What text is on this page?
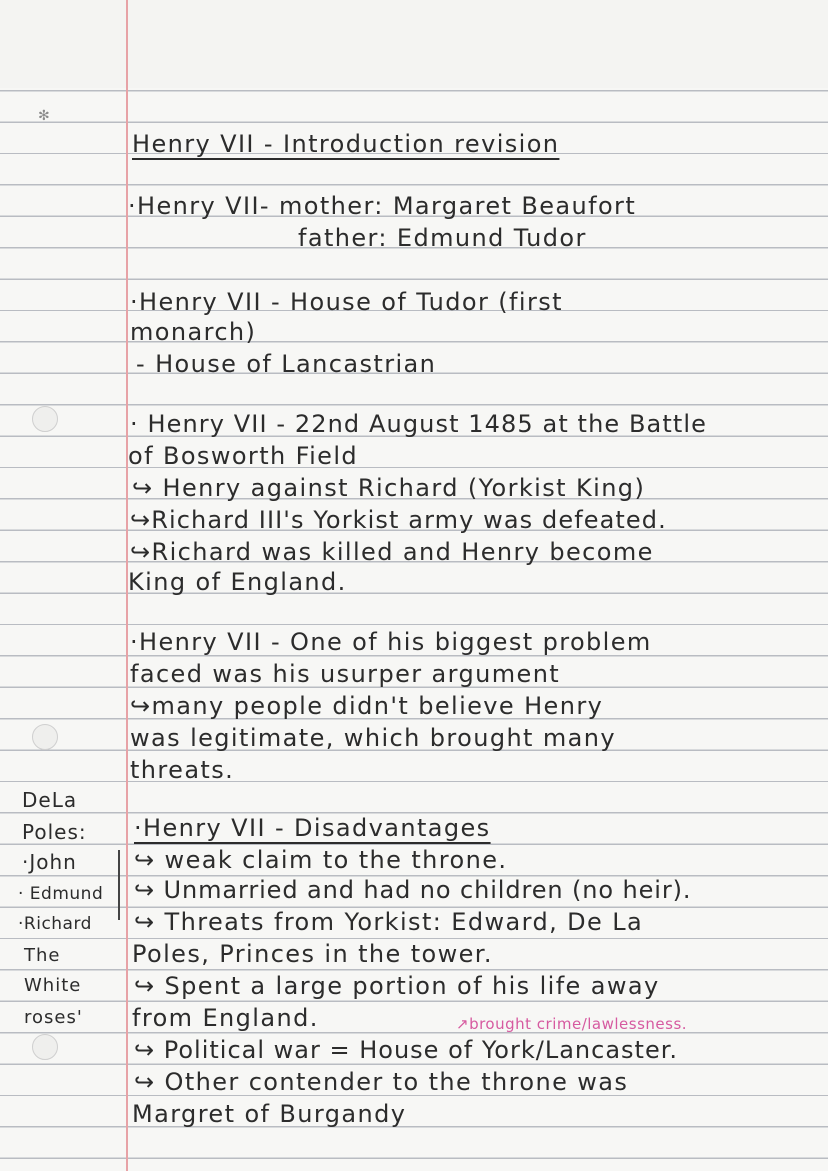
✻
Henry VII - Introduction revision
·Henry VII- mother: Margaret Beaufort
father: Edmund Tudor
·Henry VII - House of Tudor (first
monarch)
- House of Lancastrian
· Henry VII - 22nd August 1485 at the Battle
of Bosworth Field
↪ Henry against Richard (Yorkist King)
↪Richard III's Yorkist army was defeated.
↪Richard was killed and Henry become
King of England.
·Henry VII - One of his biggest problem
faced was his usurper argument
↪many people didn't believe Henry
was legitimate, which brought many
threats.
·Henry VII - Disadvantages
↪ weak claim to the throne.
↪ Unmarried and had no children (no heir).
↪ Threats from Yorkist: Edward, De La
Poles, Princes in the tower.
↪ Spent a large portion of his life away
from England.	↗brought crime/lawlessness.
↪ Political war = House of York/Lancaster.
↪ Other contender to the throne was
Margret of Burgandy
DeLa
Poles:
·John
· Edmund
·Richard
The
White
roses'
